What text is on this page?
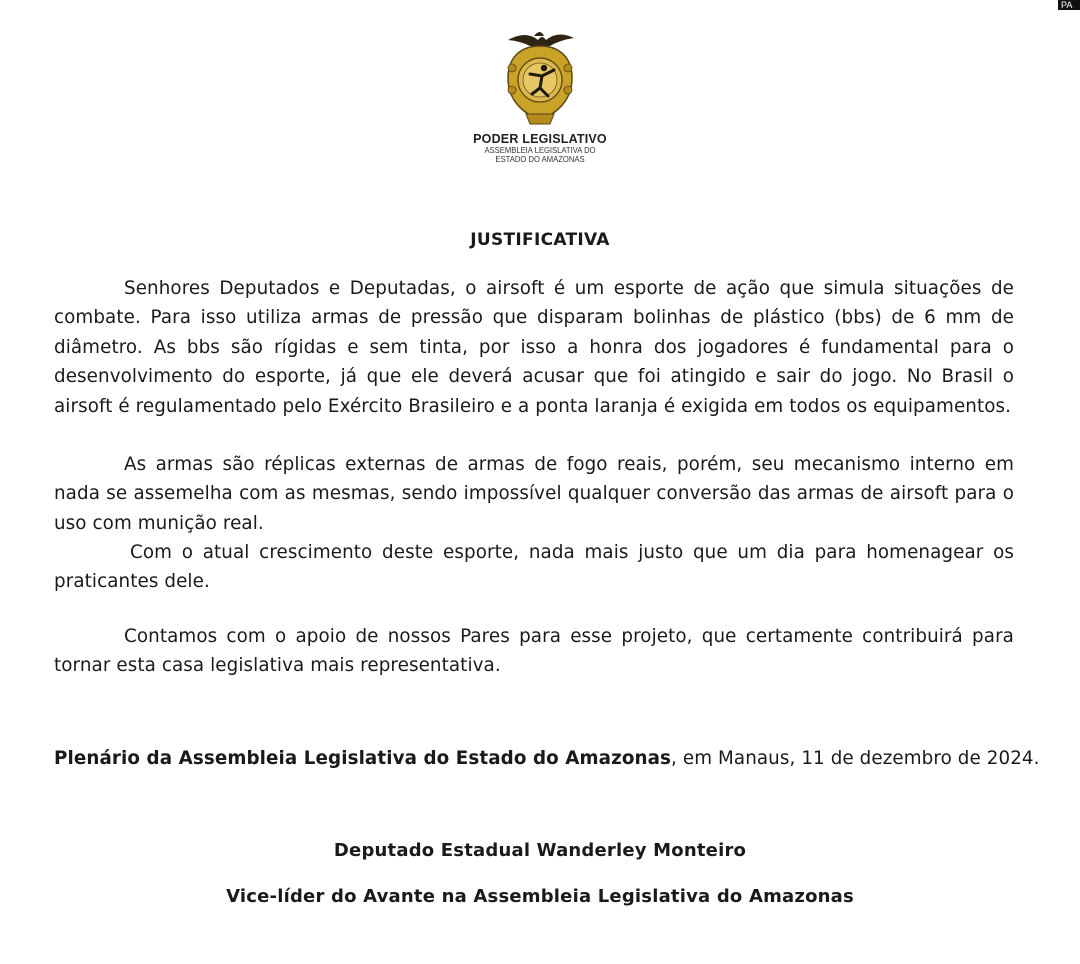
PA
PODER LEGISLATIVO
ASSEMBLEIA LEGISLATIVA DO
ESTADO DO AMAZONAS
JUSTIFICATIVA
Senhores Deputados e Deputadas, o airsoft é um esporte de ação que simula situações de combate. Para isso utiliza armas de pressão que disparam bolinhas de plástico (bbs) de 6 mm de diâmetro. As bbs são rígidas e sem tinta, por isso a honra dos jogadores é fundamental para o desenvolvimento do esporte, já que ele deverá acusar que foi atingido e sair do jogo. No Brasil o airsoft é regulamentado pelo Exército Brasileiro e a ponta laranja é exigida em todos os equipamentos.
As armas são réplicas externas de armas de fogo reais, porém, seu mecanismo interno em nada se assemelha com as mesmas, sendo impossível qualquer conversão das armas de airsoft para o uso com munição real.
Com o atual crescimento deste esporte, nada mais justo que um dia para homenagear os praticantes dele.
Contamos com o apoio de nossos Pares para esse projeto, que certamente contribuirá para tornar esta casa legislativa mais representativa.
Plenário da Assembleia Legislativa do Estado do Amazonas, em Manaus, 11 de dezembro de 2024.
Deputado Estadual Wanderley Monteiro
Vice-líder do Avante na Assembleia Legislativa do Amazonas
